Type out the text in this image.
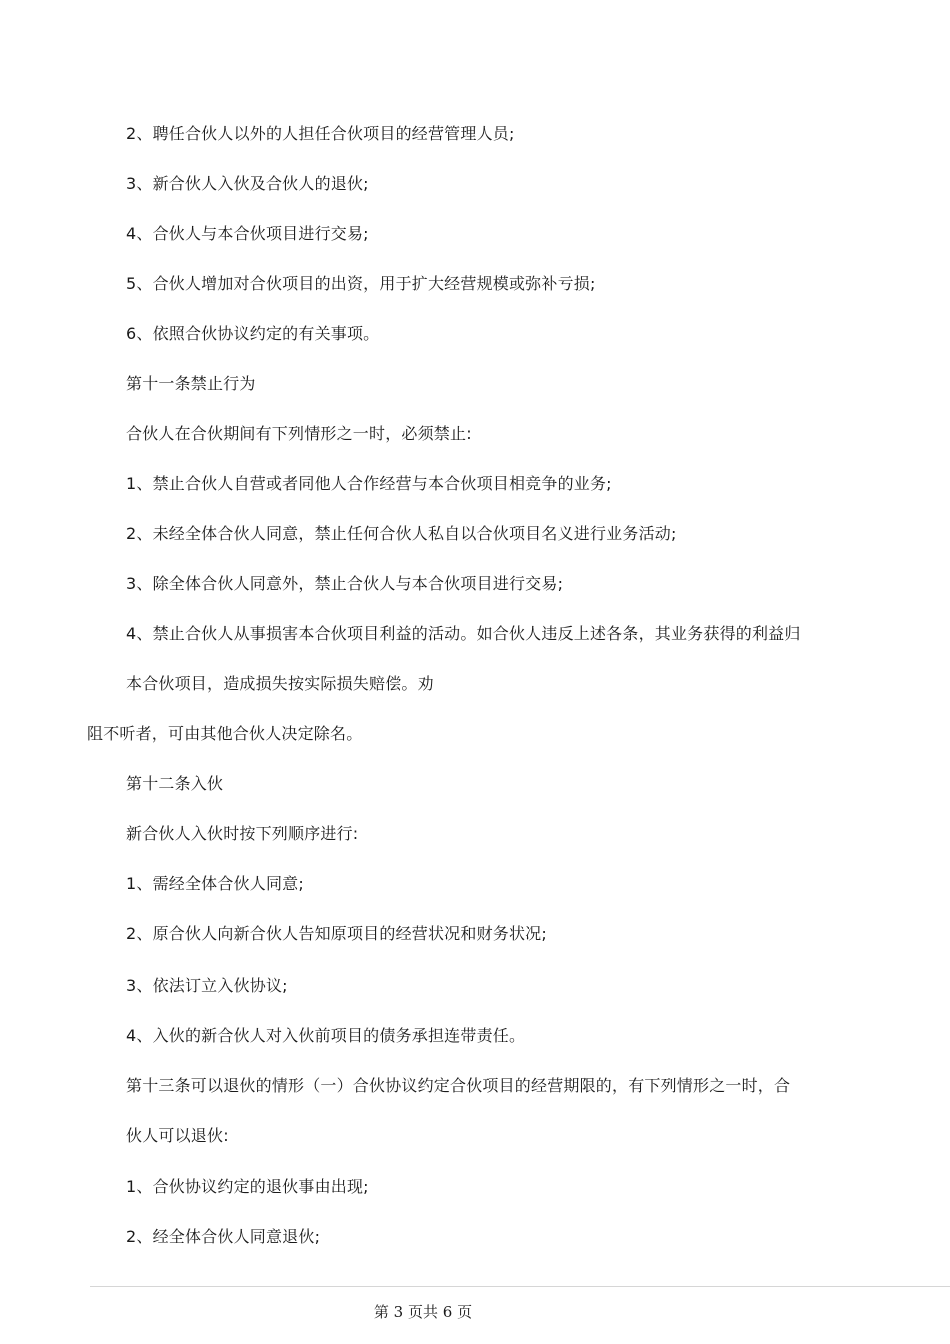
2、聘任合伙人以外的人担任合伙项目的经营管理人员;
3、新合伙人入伙及合伙人的退伙;
4、合伙人与本合伙项目进行交易;
5、合伙人增加对合伙项目的出资，用于扩大经营规模或弥补亏损;
6、依照合伙协议约定的有关事项。
第十一条禁止行为
合伙人在合伙期间有下列情形之一时，必须禁止:
1、禁止合伙人自营或者同他人合作经营与本合伙项目相竞争的业务;
2、未经全体合伙人同意，禁止任何合伙人私自以合伙项目名义进行业务活动;
3、除全体合伙人同意外，禁止合伙人与本合伙项目进行交易;
4、禁止合伙人从事损害本合伙项目利益的活动。如合伙人违反上述各条，其业务获得的利益归
本合伙项目，造成损失按实际损失赔偿。劝
阻不听者，可由其他合伙人决定除名。
第十二条入伙
新合伙人入伙时按下列顺序进行:
1、需经全体合伙人同意;
2、原合伙人向新合伙人告知原项目的经营状况和财务状况;
3、依法订立入伙协议;
4、入伙的新合伙人对入伙前项目的债务承担连带责任。
第十三条可以退伙的情形（一）合伙协议约定合伙项目的经营期限的，有下列情形之一时，合
伙人可以退伙:
1、合伙协议约定的退伙事由出现;
2、经全体合伙人同意退伙;
第 3 页共 6 页
